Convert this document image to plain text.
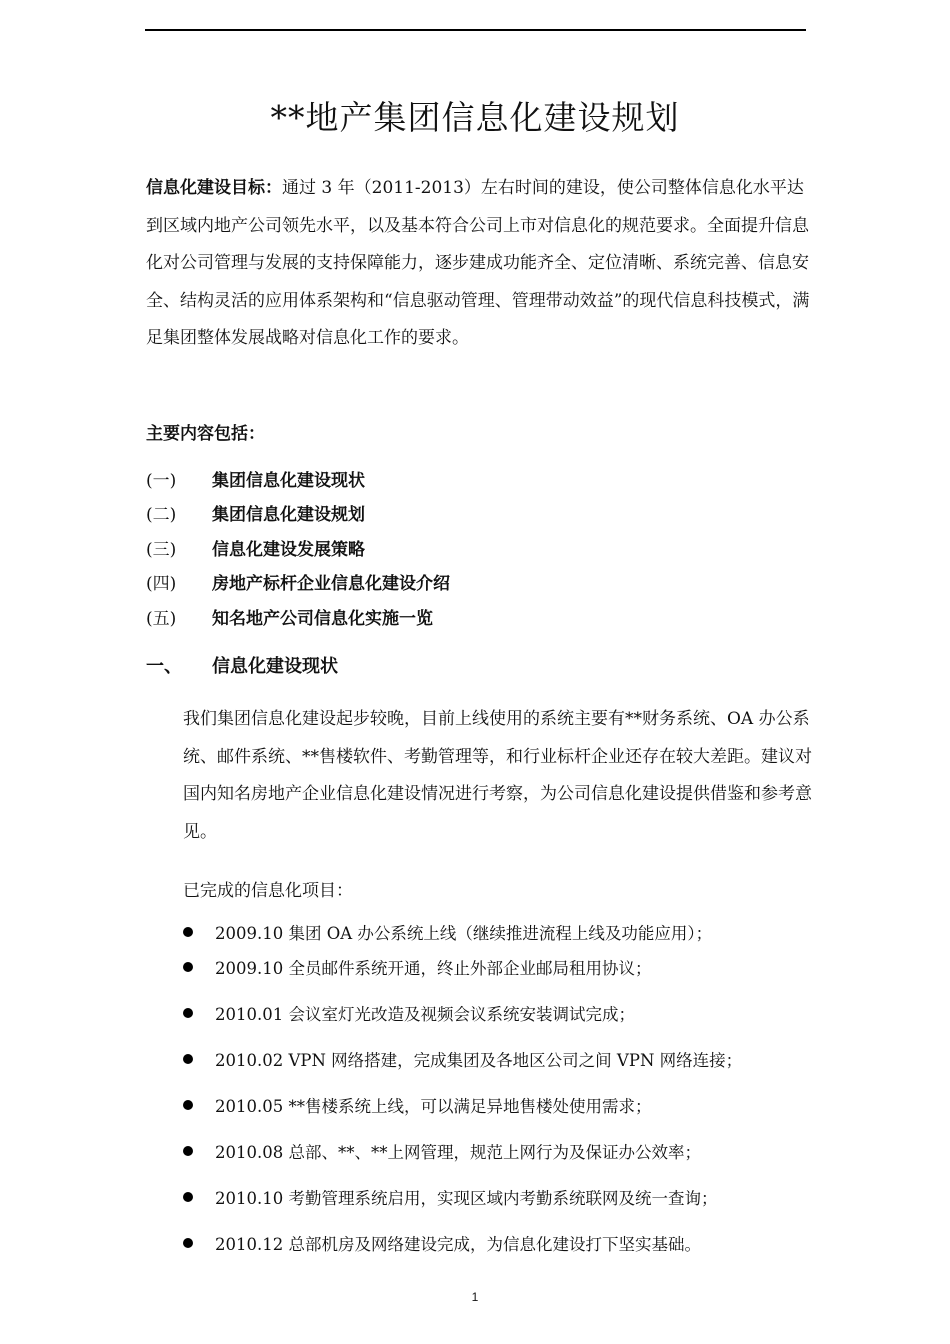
**地产集团信息化建设规划
信息化建设目标：通过 3 年（2011-2013）左右时间的建设，使公司整体信息化水平达到区域内地产公司领先水平，以及基本符合公司上市对信息化的规范要求。全面提升信息化对公司管理与发展的支持保障能力，逐步建成功能齐全、定位清晰、系统完善、信息安全、结构灵活的应用体系架构和“信息驱动管理、管理带动效益”的现代信息科技模式，满足集团整体发展战略对信息化工作的要求。
主要内容包括：
(一)	集团信息化建设现状
(二)	集团信息化建设规划
(三)	信息化建设发展策略
(四)	房地产标杆企业信息化建设介绍
(五)	知名地产公司信息化实施一览
一、 信息化建设现状
我们集团信息化建设起步较晚，目前上线使用的系统主要有**财务系统、OA 办公系统、邮件系统、**售楼软件、考勤管理等，和行业标杆企业还存在较大差距。建议对国内知名房地产企业信息化建设情况进行考察，为公司信息化建设提供借鉴和参考意见。
已完成的信息化项目：
2009.10 集团 OA 办公系统上线（继续推进流程上线及功能应用）；
2009.10 全员邮件系统开通，终止外部企业邮局租用协议；
2010.01 会议室灯光改造及视频会议系统安装调试完成；
2010.02 VPN 网络搭建，完成集团及各地区公司之间 VPN 网络连接；
2010.05 **售楼系统上线，可以满足异地售楼处使用需求；
2010.08 总部、**、**上网管理，规范上网行为及保证办公效率；
2010.10 考勤管理系统启用，实现区域内考勤系统联网及统一查询；
2010.12 总部机房及网络建设完成，为信息化建设打下坚实基础。
1
